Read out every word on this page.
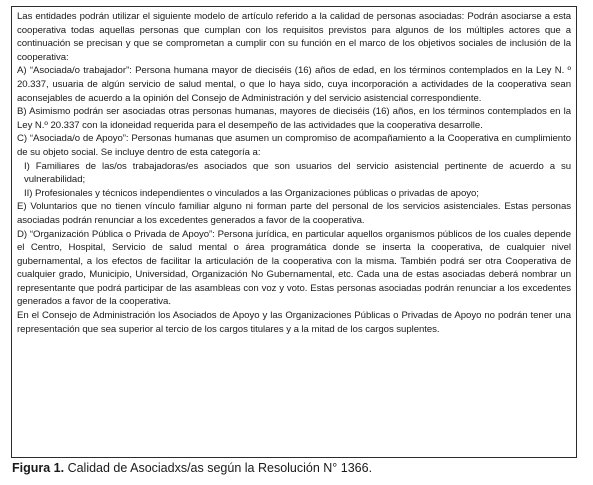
Las entidades podrán utilizar el siguiente modelo de artículo referido a la calidad de personas asociadas: Podrán asociarse a esta cooperativa todas aquellas personas que cumplan con los requisitos previstos para algunos de los múltiples actores que a continuación se precisan y que se comprometan a cumplir con su función en el marco de los objetivos sociales de inclusión de la cooperativa:

A) “Asociada/o trabajador”: Persona humana mayor de dieciséis (16) años de edad, en los términos contemplados en la Ley N. º 20.337, usuaria de algún servicio de salud mental, o que lo haya sido, cuya incorporación a actividades de la cooperativa sean aconsejables de acuerdo a la opinión del Consejo de Administración y del servicio asistencial correspondiente.

B) Asimismo podrán ser asociadas otras personas humanas, mayores de dieciséis (16) años, en los términos contemplados en la Ley N.º 20.337 con la idoneidad requerida para el desempeño de las actividades que la cooperativa desarrolle.

C) “Asociada/o de Apoyo”: Personas humanas que asumen un compromiso de acompañamiento a la Cooperativa en cumplimiento de su objeto social. Se incluye dentro de esta categoría a:

I) Familiares de las/os trabajadoras/es asociados que son usuarios del servicio asistencial pertinente de acuerdo a su vulnerabilidad;

II) Profesionales y técnicos independientes o vinculados a las Organizaciones públicas o privadas de apoyo;

E) Voluntarios que no tienen vínculo familiar alguno ni forman parte del personal de los servicios asistenciales. Estas personas asociadas podrán renunciar a los excedentes generados a favor de la cooperativa.

D) “Organización Pública o Privada de Apoyo”: Persona jurídica, en particular aquellos organismos públicos de los cuales depende el Centro, Hospital, Servicio de salud mental o área programática donde se inserta la cooperativa, de cualquier nivel gubernamental, a los efectos de facilitar la articulación de la cooperativa con la misma. También podrá ser otra Cooperativa de cualquier grado, Municipio, Universidad, Organización No Gubernamental, etc. Cada una de estas asociadas deberá nombrar un representante que podrá participar de las asambleas con voz y voto. Estas personas asociadas podrán renunciar a los excedentes generados a favor de la cooperativa.

En el Consejo de Administración los Asociados de Apoyo y las Organizaciones Públicas o Privadas de Apoyo no podrán tener una representación que sea superior al tercio de los cargos titulares y a la mitad de los cargos suplentes.

Figura 1. Calidad de Asociadxs/as según la Resolución N° 1366.
